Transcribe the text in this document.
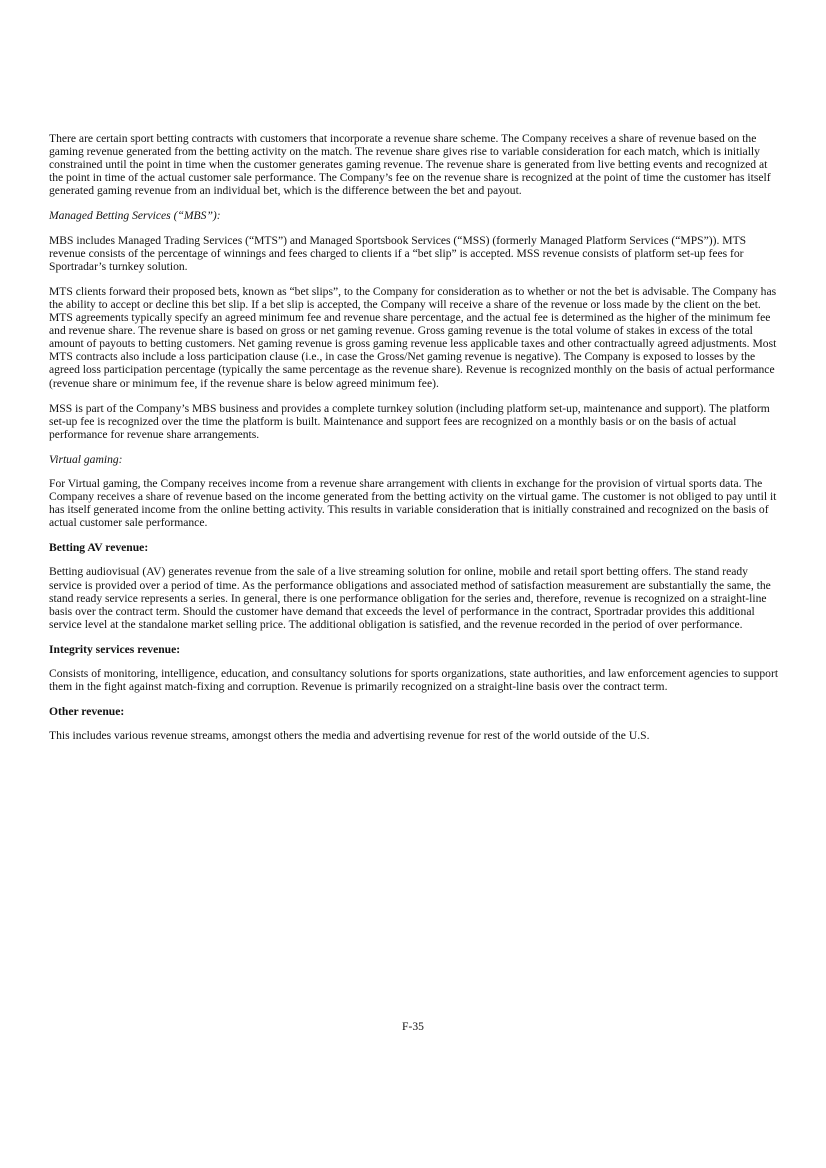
There are certain sport betting contracts with customers that incorporate a revenue share scheme. The Company receives a share of revenue based on the gaming revenue generated from the betting activity on the match. The revenue share gives rise to variable consideration for each match, which is initially constrained until the point in time when the customer generates gaming revenue. The revenue share is generated from live betting events and recognized at the point in time of the actual customer sale performance. The Company’s fee on the revenue share is recognized at the point of time the customer has itself generated gaming revenue from an individual bet, which is the difference between the bet and payout.

Managed Betting Services (“MBS”):

MBS includes Managed Trading Services (“MTS”) and Managed Sportsbook Services (“MSS) (formerly Managed Platform Services (“MPS”)). MTS revenue consists of the percentage of winnings and fees charged to clients if a “bet slip” is accepted. MSS revenue consists of platform set-up fees for Sportradar’s turnkey solution.

MTS clients forward their proposed bets, known as “bet slips”, to the Company for consideration as to whether or not the bet is advisable. The Company has the ability to accept or decline this bet slip. If a bet slip is accepted, the Company will receive a share of the revenue or loss made by the client on the bet. MTS agreements typically specify an agreed minimum fee and revenue share percentage, and the actual fee is determined as the higher of the minimum fee and revenue share. The revenue share is based on gross or net gaming revenue. Gross gaming revenue is the total volume of stakes in excess of the total amount of payouts to betting customers. Net gaming revenue is gross gaming revenue less applicable taxes and other contractually agreed adjustments. Most MTS contracts also include a loss participation clause (i.e., in case the Gross/Net gaming revenue is negative). The Company is exposed to losses by the agreed loss participation percentage (typically the same percentage as the revenue share). Revenue is recognized monthly on the basis of actual performance (revenue share or minimum fee, if the revenue share is below agreed minimum fee).

MSS is part of the Company’s MBS business and provides a complete turnkey solution (including platform set-up, maintenance and support). The platform set-up fee is recognized over the time the platform is built. Maintenance and support fees are recognized on a monthly basis or on the basis of actual performance for revenue share arrangements.

Virtual gaming:

For Virtual gaming, the Company receives income from a revenue share arrangement with clients in exchange for the provision of virtual sports data. The Company receives a share of revenue based on the income generated from the betting activity on the virtual game. The customer is not obliged to pay until it has itself generated income from the online betting activity. This results in variable consideration that is initially constrained and recognized on the basis of actual customer sale performance.

Betting AV revenue:

Betting audiovisual (AV) generates revenue from the sale of a live streaming solution for online, mobile and retail sport betting offers. The stand ready service is provided over a period of time. As the performance obligations and associated method of satisfaction measurement are substantially the same, the stand ready service represents a series. In general, there is one performance obligation for the series and, therefore, revenue is recognized on a straight-line basis over the contract term. Should the customer have demand that exceeds the level of performance in the contract, Sportradar provides this additional service level at the standalone market selling price. The additional obligation is satisfied, and the revenue recorded in the period of over performance.

Integrity services revenue:

Consists of monitoring, intelligence, education, and consultancy solutions for sports organizations, state authorities, and law enforcement agencies to support them in the fight against match-fixing and corruption. Revenue is primarily recognized on a straight-line basis over the contract term.

Other revenue:

This includes various revenue streams, amongst others the media and advertising revenue for rest of the world outside of the U.S.

F-35
